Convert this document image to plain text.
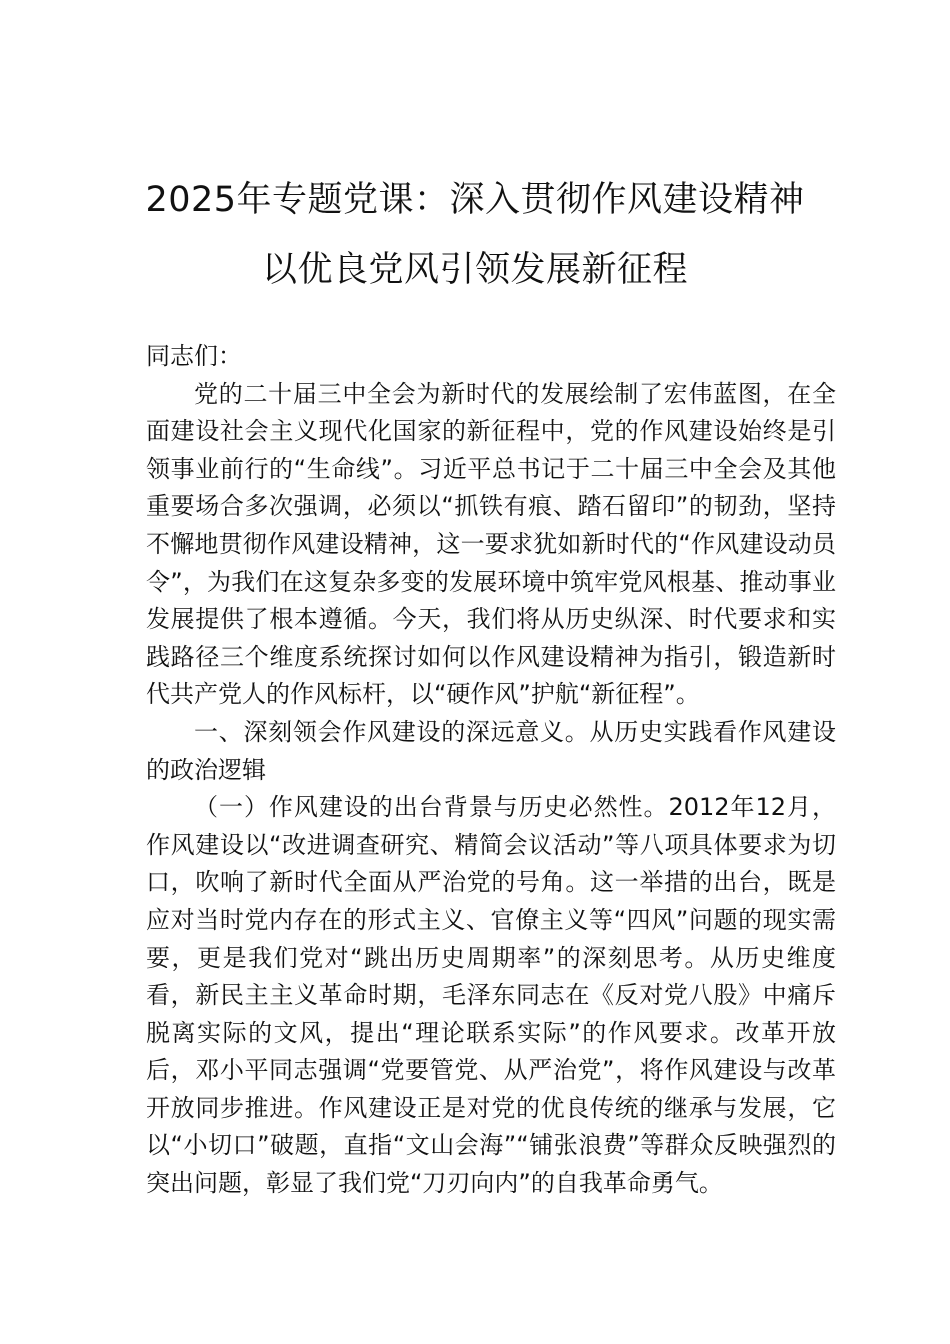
2025年专题党课：深入贯彻作风建设精神
以优良党风引领发展新征程

同志们：

党的二十届三中全会为新时代的发展绘制了宏伟蓝图，在全面建设社会主义现代化国家的新征程中，党的作风建设始终是引领事业前行的“生命线”。习近平总书记于二十届三中全会及其他重要场合多次强调，必须以“抓铁有痕、踏石留印”的韧劲，坚持不懈地贯彻作风建设精神，这一要求犹如新时代的“作风建设动员令”，为我们在这复杂多变的发展环境中筑牢党风根基、推动事业发展提供了根本遵循。今天，我们将从历史纵深、时代要求和实践路径三个维度系统探讨如何以作风建设精神为指引，锻造新时代共产党人的作风标杆，以“硬作风”护航“新征程”。

一、深刻领会作风建设的深远意义。从历史实践看作风建设的政治逻辑

（一）作风建设的出台背景与历史必然性。2012年12月，作风建设以“改进调查研究、精简会议活动”等八项具体要求为切口，吹响了新时代全面从严治党的号角。这一举措的出台，既是应对当时党内存在的形式主义、官僚主义等“四风”问题的现实需要，更是我们党对“跳出历史周期率”的深刻思考。从历史维度看，新民主主义革命时期，毛泽东同志在《反对党八股》中痛斥脱离实际的文风，提出“理论联系实际”的作风要求。改革开放后，邓小平同志强调“党要管党、从严治党”，将作风建设与改革开放同步推进。作风建设正是对党的优良传统的继承与发展，它以“小切口”破题，直指“文山会海”“铺张浪费”等群众反映强烈的突出问题，彰显了我们党“刀刃向内”的自我革命勇气。
